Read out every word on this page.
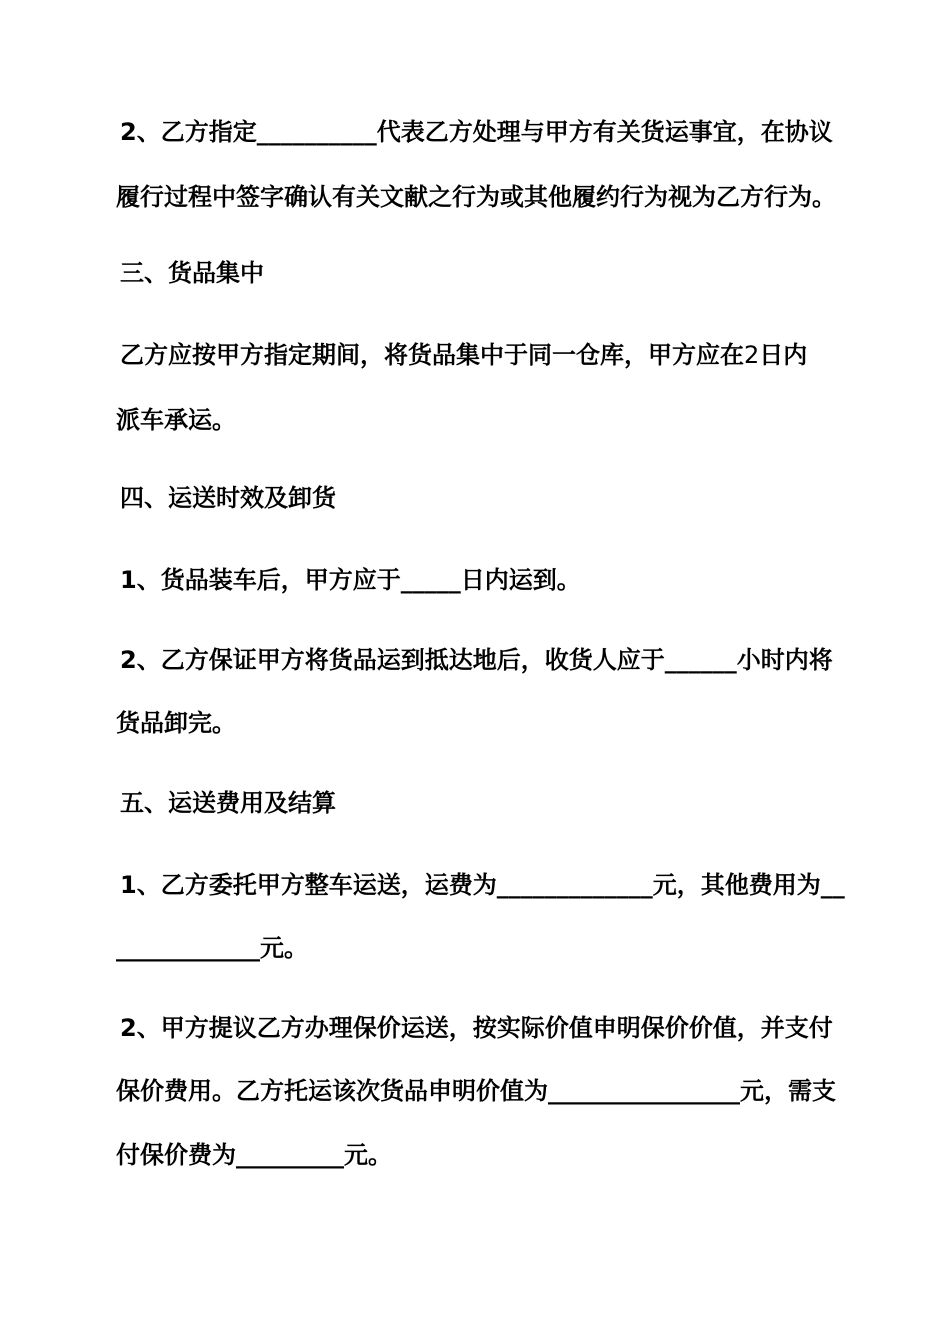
2、乙方指定__________代表乙方处理与甲方有关货运事宜，在协议
履行过程中签字确认有关文献之行为或其他履约行为视为乙方行为。
三、货品集中
乙方应按甲方指定期间，将货品集中于同一仓库，甲方应在2日内
派车承运。
四、运送时效及卸货
1、货品装车后，甲方应于_____日内运到。
2、乙方保证甲方将货品运到抵达地后，收货人应于______小时内将
货品卸完。
五、运送费用及结算
1、乙方委托甲方整车运送，运费为_____________元，其他费用为__
____________元。
2、甲方提议乙方办理保价运送，按实际价值申明保价价值，并支付
保价费用。乙方托运该次货品申明价值为________________元，需支
付保价费为_________元。
